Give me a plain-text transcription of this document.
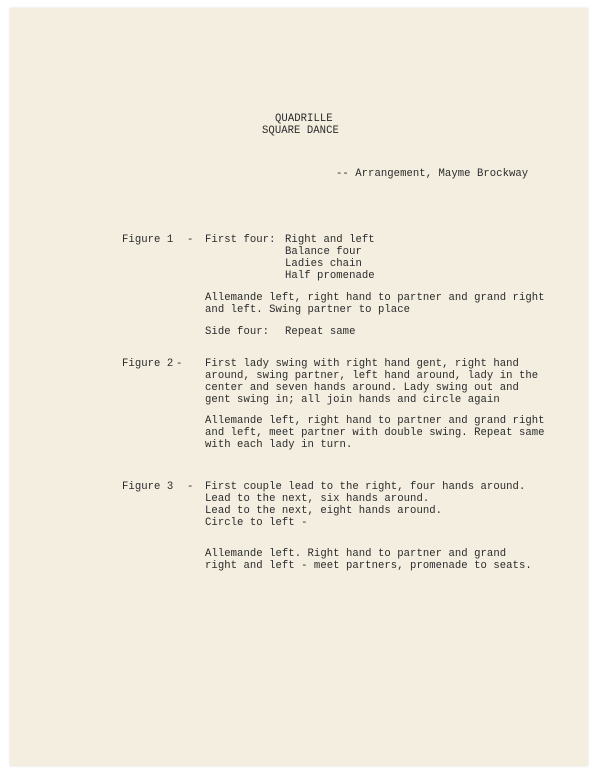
QUADRILLE
SQUARE DANCE
-- Arrangement, Mayme Brockway
Figure 1 - First four: Right and left
Balance four
Ladies chain
Half promenade
Allemande left, right hand to partner and grand right
and left. Swing partner to place
Side four: Repeat same
Figure 2 - First lady swing with right hand gent, right hand
around, swing partner, left hand around, lady in the
center and seven hands around. Lady swing out and
gent swing in; all join hands and circle again
Allemande left, right hand to partner and grand right
and left, meet partner with double swing. Repeat same
with each lady in turn.
Figure 3 - First couple lead to the right, four hands around.
Lead to the next, six hands around.
Lead to the next, eight hands around.
Circle to left -
Allemande left. Right hand to partner and grand
right and left - meet partners, promenade to seats.
